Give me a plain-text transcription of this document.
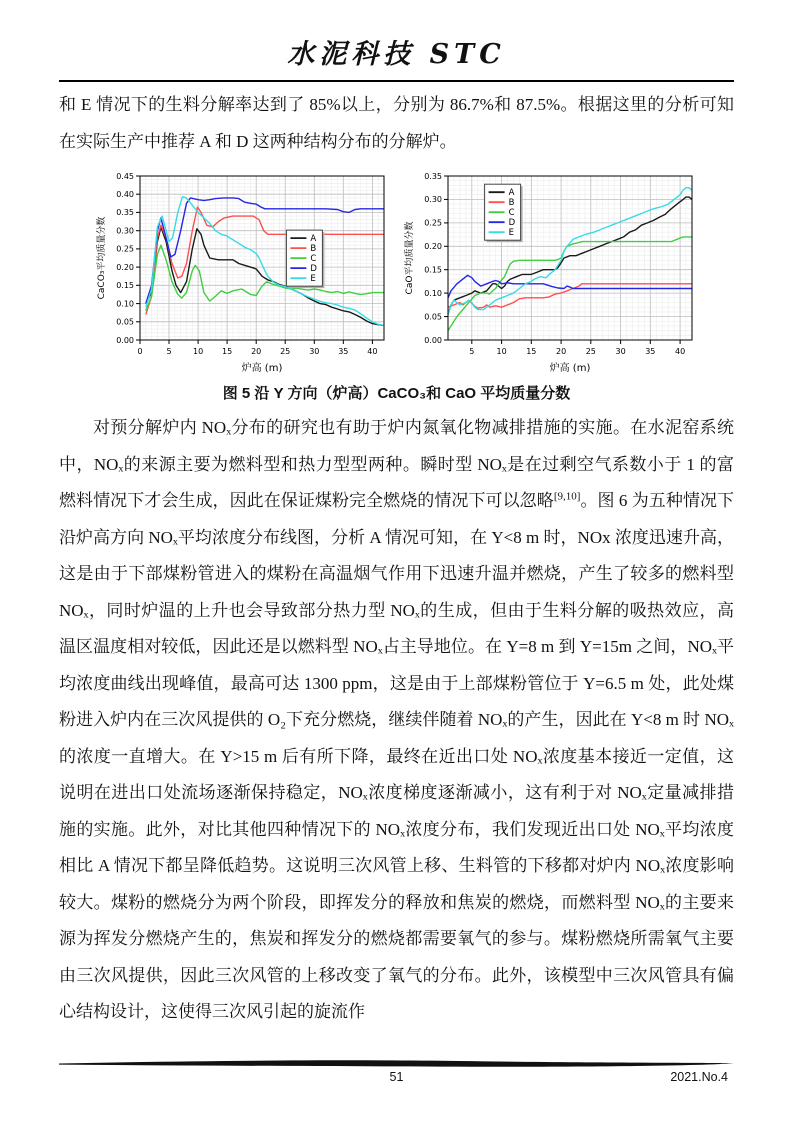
水泥科技 STC

和 E 情况下的生料分解率达到了 85%以上，分别为 86.7%和 87.5%。根据这里的分析可知在实际生产中推荐 A 和 D 这两种结构分布的分解炉。

0	5	10 15 20 25 30 35 40
0.00
0.05
0.10
0.15
0.20
0.25
0.30
0.35
0.40
0.45
炉高 (m)
CaCO₃平均质量分数	A
B
C
D
E
5	10 15 20 25 30 35 40
0.00
0.05
0.10
0.15
0.20
0.25
0.30
0.35
炉高 (m)
CaO平均质量分数
A
B
C
D
E
图 5 沿 Y 方向（炉高）CaCO₃和 CaO 平均质量分数

对预分解炉内 NOₓ分布的研究也有助于炉内氮氧化物减排措施的实施。在水泥窑系统中，NOₓ的来源主要为燃料型和热力型型两种。瞬时型 NOₓ是在过剩空气系数小于 1 的富燃料情况下才会生成，因此在保证煤粉完全燃烧的情况下可以忽略[9,10]。图 6 为五种情况下沿炉高方向 NOₓ平均浓度分布线图，分析 A 情况可知，在 Y<8 m 时，NOx 浓度迅速升高，这是由于下部煤粉管进入的煤粉在高温烟气作用下迅速升温并燃烧，产生了较多的燃料型 NOₓ，同时炉温的上升也会导致部分热力型 NOₓ的生成，但由于生料分解的吸热效应，高温区温度相对较低，因此还是以燃料型 NOₓ占主导地位。在 Y=8 m 到 Y=15m 之间，NOₓ平均浓度曲线出现峰值，最高可达 1300 ppm，这是由于上部煤粉管位于 Y=6.5 m 处，此处煤粉进入炉内在三次风提供的 O₂下充分燃烧，继续伴随着 NOₓ的产生，因此在 Y<8 m 时 NOₓ的浓度一直增大。在 Y>15 m 后有所下降，最终在近出口处 NOₓ浓度基本接近一定值，这说明在进出口处流场逐渐保持稳定，NOₓ浓度梯度逐渐减小，这有利于对 NOₓ定量减排措施的实施。此外，对比其他四种情况下的 NOₓ浓度分布，我们发现近出口处 NOₓ平均浓度相比 A 情况下都呈降低趋势。这说明三次风管上移、生料管的下移都对炉内 NOₓ浓度影响较大。煤粉的燃烧分为两个阶段，即挥发分的释放和焦炭的燃烧，而燃料型 NOₓ的主要来源为挥发分燃烧产生的，焦炭和挥发分的燃烧都需要氧气的参与。煤粉燃烧所需氧气主要由三次风提供，因此三次风管的上移改变了氧气的分布。此外，该模型中三次风管具有偏心结构设计，这使得三次风引起的旋流作

51	2021.No.4
